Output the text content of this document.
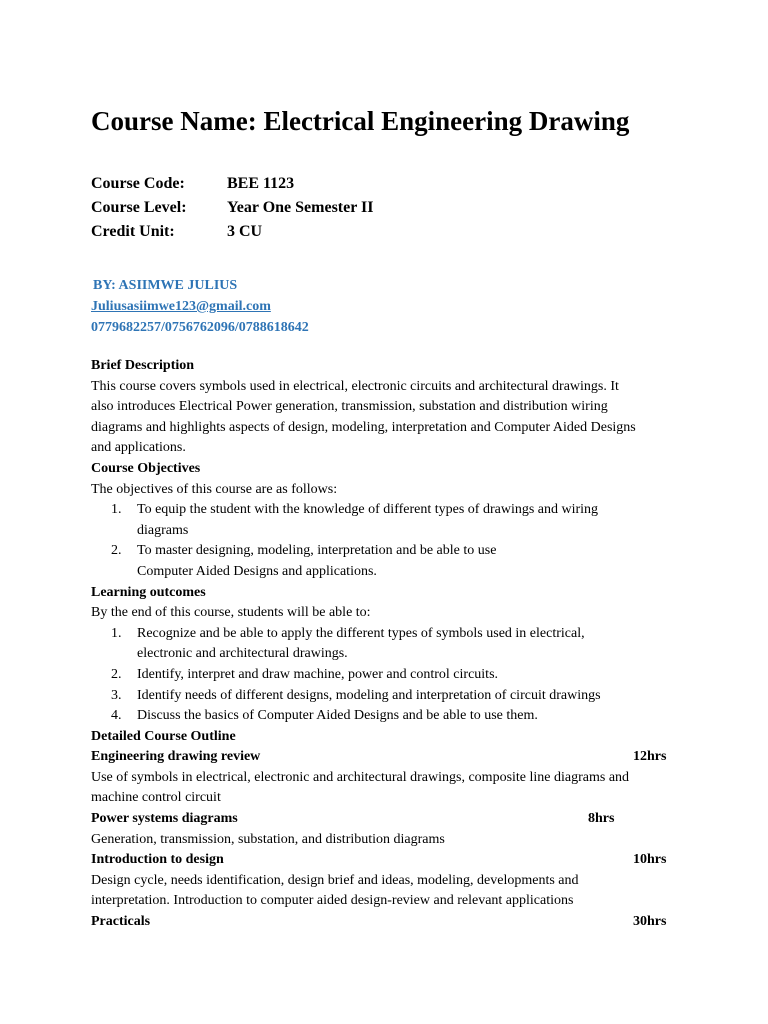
Course Name: Electrical Engineering Drawing
Course Code:	BEE 1123
Course Level:	Year One Semester II
Credit Unit:	3 CU
BY: ASIIMWE JULIUS
Juliusasiimwe123@gmail.com
0779682257/0756762096/0788618642

Brief Description

This course covers symbols used in electrical, electronic circuits and architectural drawings. It

also introduces Electrical Power generation, transmission, substation and distribution wiring

diagrams and highlights aspects of design, modeling, interpretation and Computer Aided Designs

and applications.

Course Objectives

The objectives of this course are as follows:

1. To equip the student with the knowledge of different types of drawings and wiring
diagrams
2. To master designing, modeling, interpretation and be able to use
Computer Aided Designs and applications.

Learning outcomes

By the end of this course, students will be able to:

1. Recognize and be able to apply the different types of symbols used in electrical,
electronic and architectural drawings.
2. Identify, interpret and draw machine, power and control circuits.
3. Identify needs of different designs, modeling and interpretation of circuit drawings
4. Discuss the basics of Computer Aided Designs and be able to use them.

Detailed Course Outline

Engineering drawing review	12hrs

Use of symbols in electrical, electronic and architectural drawings, composite line diagrams and

machine control circuit

Power systems diagrams	8hrs

Generation, transmission, substation, and distribution diagrams

Introduction to design	10hrs

Design cycle, needs identification, design brief and ideas, modeling, developments and

interpretation. Introduction to computer aided design-review and relevant applications

Practicals	30hrs
